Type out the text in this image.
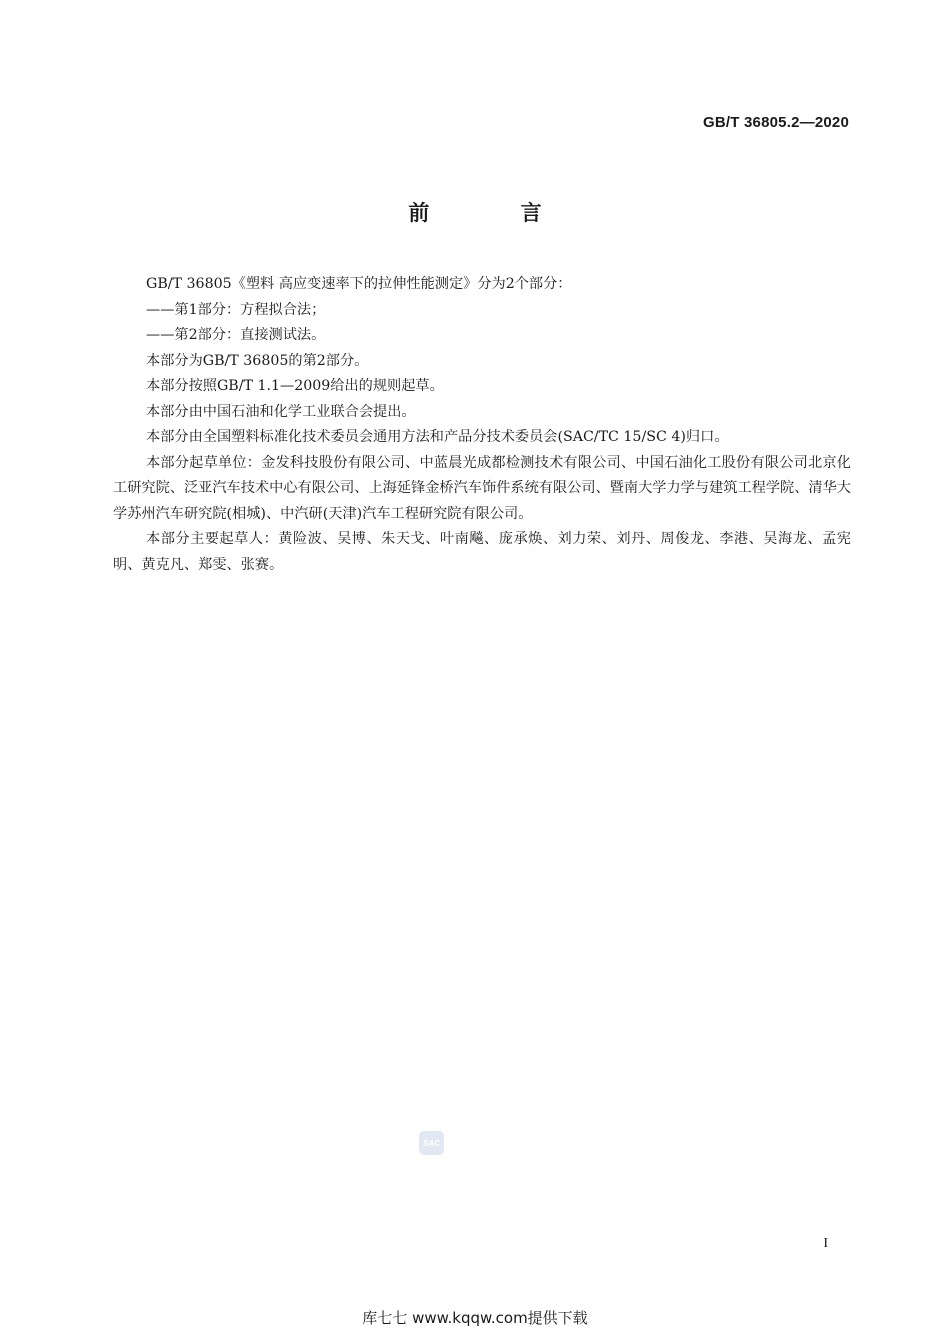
GB/T 36805.2—2020
前 言

GB/T 36805《塑料 高应变速率下的拉伸性能测定》分为2个部分：

——第1部分：方程拟合法；

——第2部分：直接测试法。

本部分为GB/T 36805的第2部分。

本部分按照GB/T 1.1—2009给出的规则起草。

本部分由中国石油和化学工业联合会提出。

本部分由全国塑料标准化技术委员会通用方法和产品分技术委员会(SAC/TC 15/SC 4)归口。

本部分起草单位：金发科技股份有限公司、中蓝晨光成都检测技术有限公司、中国石油化工股份有限公司北京化工研究院、泛亚汽车技术中心有限公司、上海延锋金桥汽车饰件系统有限公司、暨南大学力学与建筑工程学院、清华大学苏州汽车研究院(相城)、中汽研(天津)汽车工程研究院有限公司。

本部分主要起草人：黄险波、吴博、朱天戈、叶南飚、庞承焕、刘力荣、刘丹、周俊龙、李港、吴海龙、孟宪明、黄克凡、郑雯、张赛。

SAC
I
库七七 www.kqqw.com提供下载
